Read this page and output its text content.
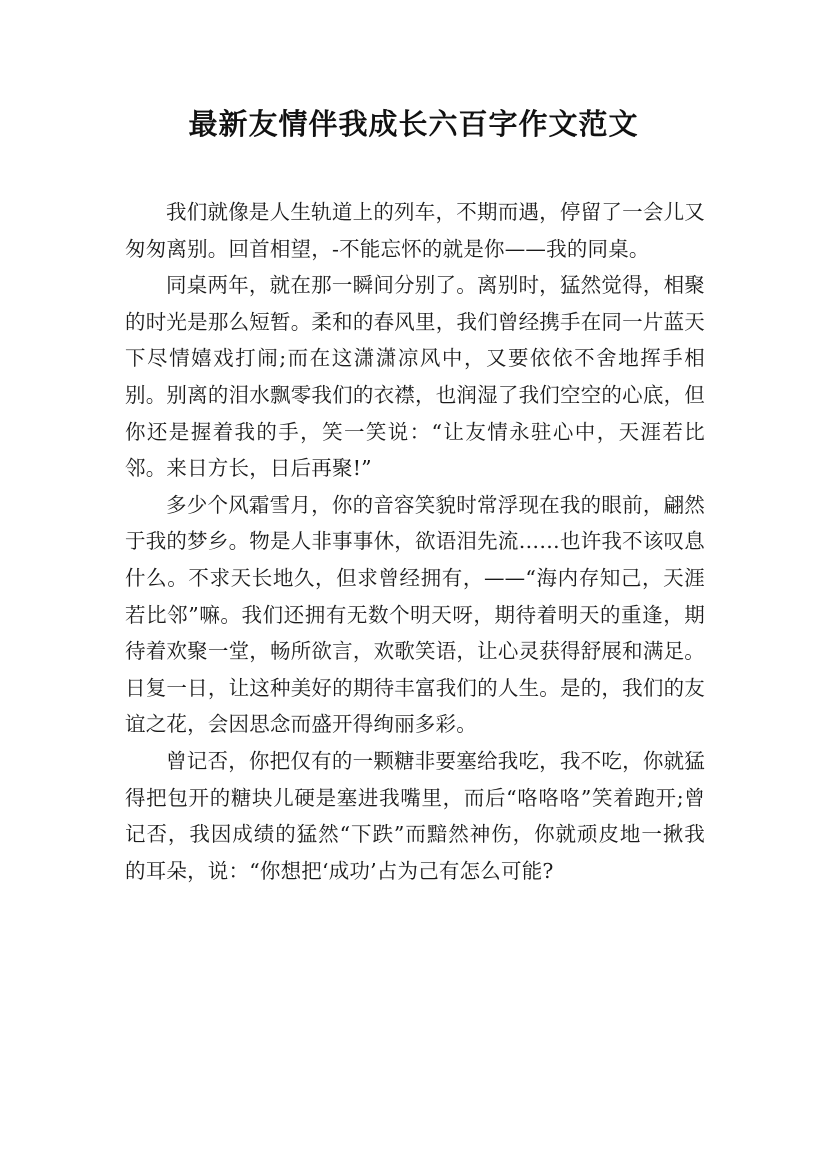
最新友情伴我成长六百字作文范文

我们就像是人生轨道上的列车，不期而遇，停留了一会儿又匆匆离别。回首相望，-不能忘怀的就是你——我的同桌。

同桌两年，就在那一瞬间分别了。离别时，猛然觉得，相聚的时光是那么短暂。柔和的春风里，我们曾经携手在同一片蓝天下尽情嬉戏打闹;而在这潇潇凉风中，又要依依不舍地挥手相别。别离的泪水飘零我们的衣襟，也润湿了我们空空的心底，但你还是握着我的手，笑一笑说：“让友情永驻心中，天涯若比邻。来日方长，日后再聚!”

多少个风霜雪月，你的音容笑貌时常浮现在我的眼前，翩然于我的梦乡。物是人非事事休，欲语泪先流……也许我不该叹息什么。不求天长地久，但求曾经拥有，——“海内存知己，天涯若比邻”嘛。我们还拥有无数个明天呀，期待着明天的重逢，期待着欢聚一堂，畅所欲言，欢歌笑语，让心灵获得舒展和满足。日复一日，让这种美好的期待丰富我们的人生。是的，我们的友谊之花，会因思念而盛开得绚丽多彩。

曾记否，你把仅有的一颗糖非要塞给我吃，我不吃，你就猛得把包开的糖块儿硬是塞进我嘴里，而后“咯咯咯”笑着跑开;曾记否，我因成绩的猛然“下跌”而黯然神伤，你就顽皮地一揪我的耳朵，说：“你想把‘成功’占为己有怎么可能?
